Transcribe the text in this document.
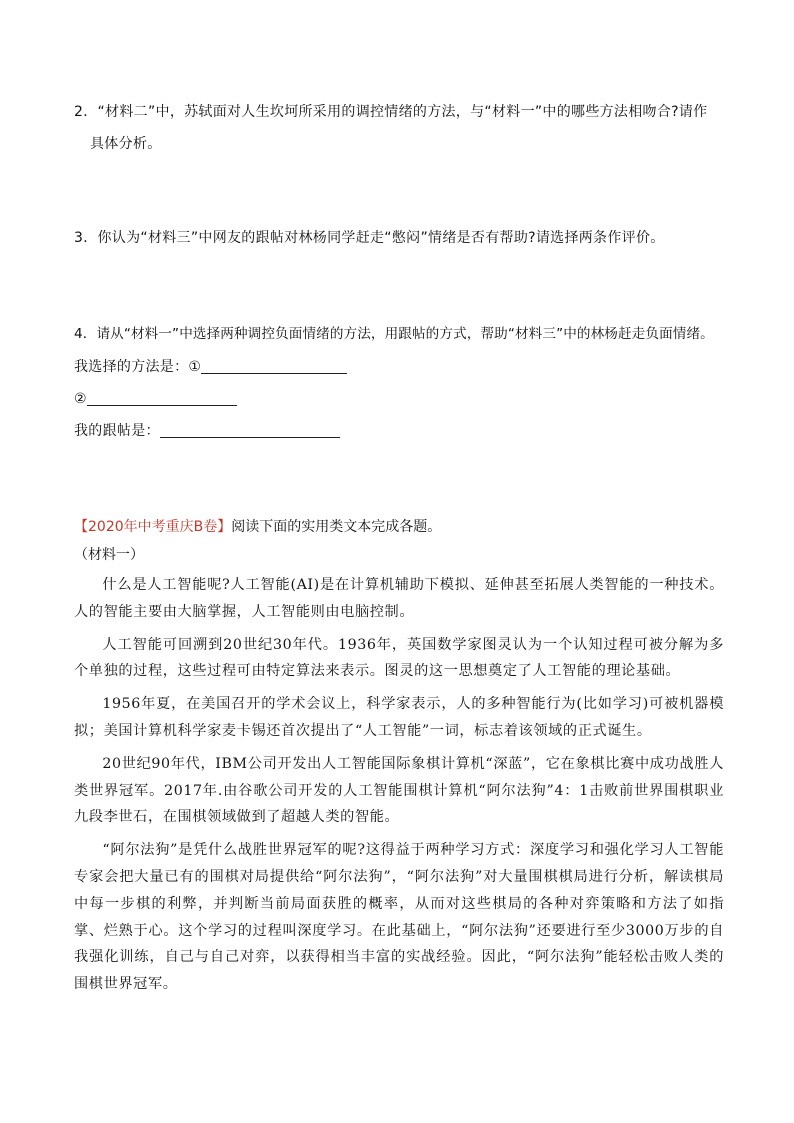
2．“材料二”中，苏轼面对人生坎坷所采用的调控情绪的方法，与“材料一”中的哪些方法相吻合?请作
具体分析。
3．你认为“材料三”中网友的跟帖对林杨同学赶走“憋闷”情绪是否有帮助?请选择两条作评价。
4．请从“材料一”中选择两种调控负面情绪的方法，用跟帖的方式，帮助“材料三”中的林杨赶走负面情绪。
我选择的方法是：①
②
我的跟帖是：
【2020年中考重庆B卷】阅读下面的实用类文本完成各题。
（材料一）

什么是人工智能呢?人工智能(AI)是在计算机辅助下模拟、延伸甚至拓展人类智能的一种技术。人的智能主要由大脑掌握，人工智能则由电脑控制。

人工智能可回溯到20世纪30年代。1936年，英国数学家图灵认为一个认知过程可被分解为多个单独的过程，这些过程可由特定算法来表示。图灵的这一思想奠定了人工智能的理论基础。

1956年夏，在美国召开的学术会议上，科学家表示，人的多种智能行为(比如学习)可被机器模拟；美国计算机科学家麦卡锡还首次提出了“人工智能”一词，标志着该领域的正式诞生。

20世纪90年代，IBM公司开发出人工智能国际象棋计算机“深蓝”，它在象棋比赛中成功战胜人类世界冠军。2017年.由谷歌公司开发的人工智能围棋计算机“阿尔法狗”4：1击败前世界围棋职业九段李世石，在围棋领域做到了超越人类的智能。

“阿尔法狗”是凭什么战胜世界冠军的呢?这得益于两种学习方式：深度学习和强化学习人工智能专家会把大量已有的围棋对局提供给“阿尔法狗”，“阿尔法狗”对大量围棋棋局进行分析，解读棋局中每一步棋的利弊，并判断当前局面获胜的概率，从而对这些棋局的各种对弈策略和方法了如指掌、烂熟于心。这个学习的过程叫深度学习。在此基础上，“阿尔法狗”还要进行至少3000万步的自我强化训练，自己与自己对弈，以获得相当丰富的实战经验。因此，“阿尔法狗”能轻松击败人类的围棋世界冠军。
